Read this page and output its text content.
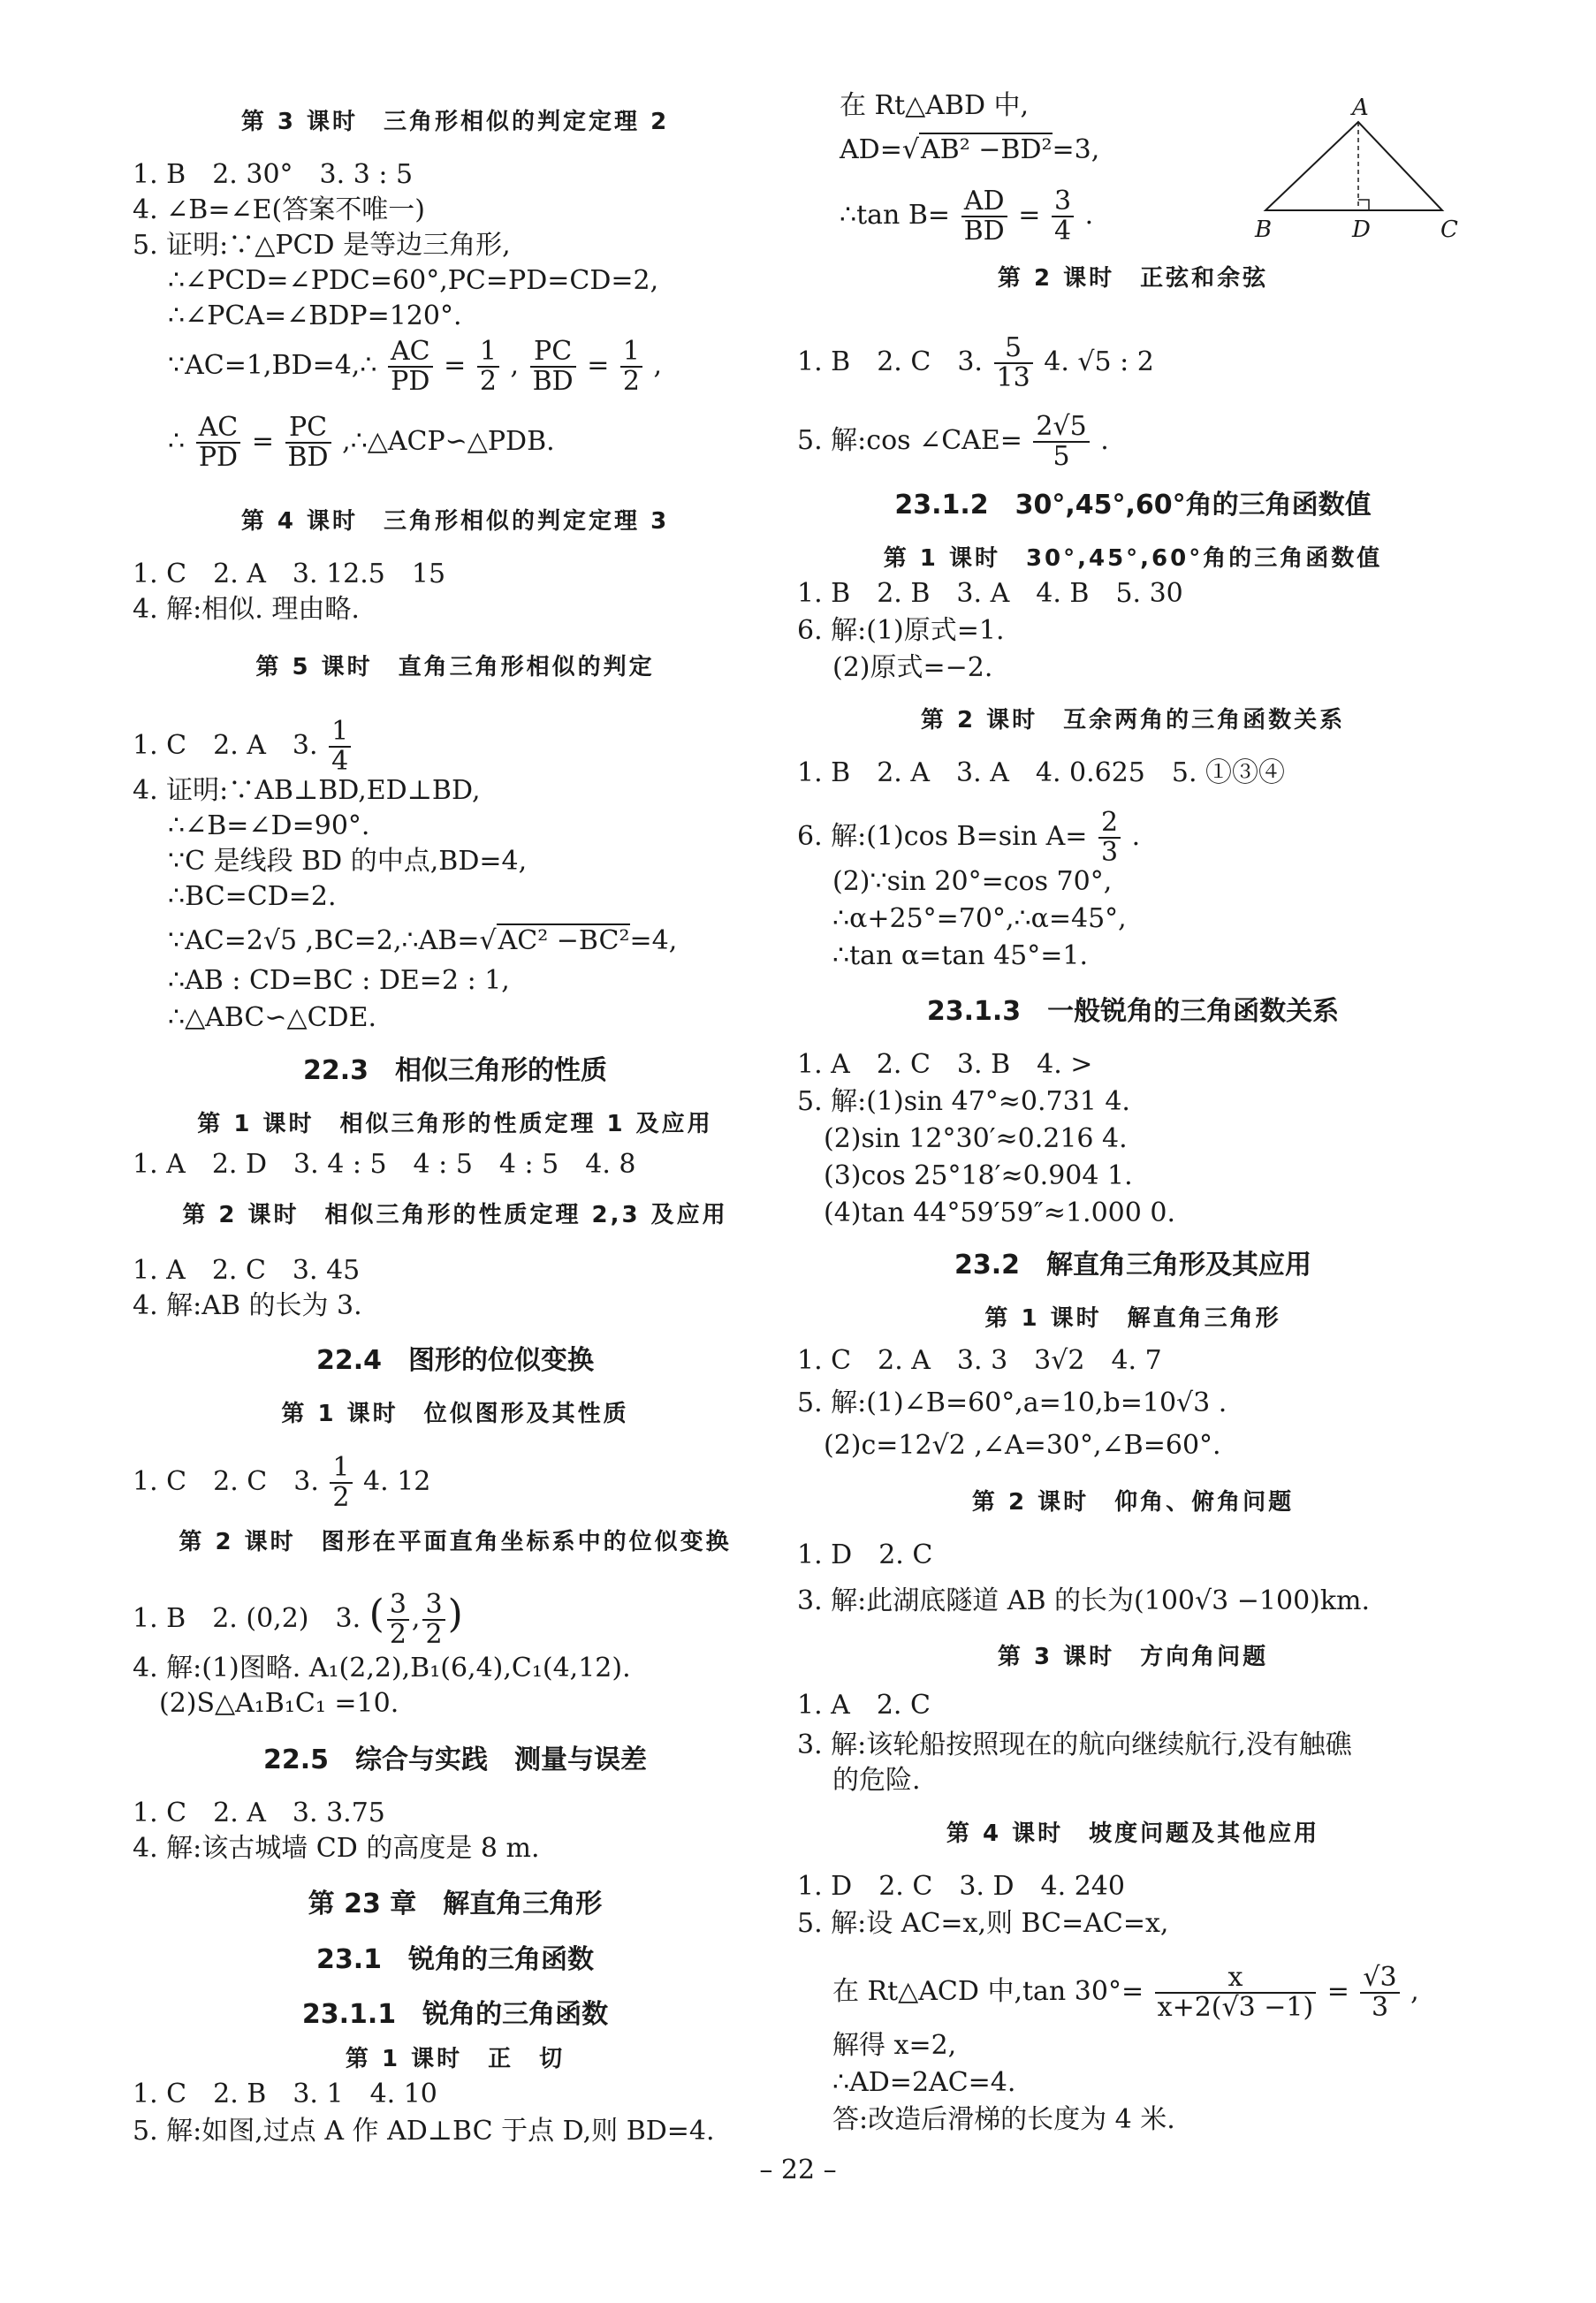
第 3 课时　三角形相似的判定定理 2
1. B　2. 30°　3. 3 : 5
4. ∠B=∠E(答案不唯一)
5. 证明:∵△PCD 是等边三角形,
∴∠PCD=∠PDC=60°,PC=PD=CD=2,
∴∠PCA=∠BDP=120°.
∵AC=1,BD=4,∴ $\frac{AC}{PD} = \frac{1}{2}$ , $\frac{PC}{BD} = \frac{1}{2}$ ,
∴ $\frac{AC}{PD} = \frac{PC}{BD}$ ,∴△ACP∽△PDB.
第 4 课时　三角形相似的判定定理 3
1. C　2. A　3. 12.5　15
4. 解:相似. 理由略.
第 5 课时　直角三角形相似的判定
1. C　2. A　3. $\frac{1}{4}$
4. 证明:∵AB⊥BD,ED⊥BD,
∴∠B=∠D=90°.
∵C 是线段 BD 的中点,BD=4,
∴BC=CD=2.
∵AC=2√5 ,BC=2,∴AB=√AC² −BC²=4,
∴AB : CD=BC : DE=2 : 1,
∴△ABC∽△CDE.
22.3　相似三角形的性质
第 1 课时　相似三角形的性质定理 1 及应用
1. A　2. D　3. 4 : 5　4 : 5　4 : 5　4. 8
第 2 课时　相似三角形的性质定理 2,3 及应用
1. A　2. C　3. 45
4. 解:AB 的长为 3.
22.4　图形的位似变换
第 1 课时　位似图形及其性质
1. C　2. C　3. $\frac{1}{2} 4$. 12
第 2 课时　图形在平面直角坐标系中的位似变换
1. B　2. (0,2)　3. ( $\frac{3}{2}$ , $\frac{3}{2}$ )
4. 解:(1)图略. A₁(2,2),B₁(6,4),C₁(4,12).
(2)S△A₁B₁C₁ =10.
22.5　综合与实践　测量与误差
1. C　2. A　3. 3.75
4. 解:该古城墙 CD 的高度是 8 m.
第 23 章　解直角三角形
23.1　锐角的三角函数
23.1.1　锐角的三角函数
第 1 课时　正　切
1. C　2. B　3. 1　4. 10
5. 解:如图,过点 A 作 AD⊥BC 于点 D,则 BD=4.
在 Rt△ABD 中,
AD=√AB² −BD²=3,
∴tan $B= \frac{AD}{BD} = \frac{3}{4}$ .
A
B	D	C
第 2 课时　正弦和余弦
1. B　2. C　3. $\frac{5}{13} 4$. √5 : 2
5. 解:cos ∠CAE= $\frac{2√5}{5}$ .
23.1.2　30°,45°,60°角的三角函数值
第 1 课时　30°,45°,60°角的三角函数值
1. B　2. B　3. A　4. B　5. 30
6. 解:(1)原式=1.
(2)原式=−2.
第 2 课时　互余两角的三角函数关系
1. B　2. A　3. A　4. 0.625　5. ①③④
6. 解:(1)cos B=sin $A= \frac{2}{3}$ .
(2)∵sin 20°=cos 70°,
∴α+25°=70°,∴α=45°,
∴tan α=tan 45°=1.
23.1.3　一般锐角的三角函数关系
1. A　2. C　3. B　4. >
5. 解:(1)sin 47°≈0.731 4.
(2)sin 12°30′≈0.216 4.
(3)cos 25°18′≈0.904 1.
(4)tan 44°59′59″≈1.000 0.
23.2　解直角三角形及其应用
第 1 课时　解直角三角形
1. C　2. A　3. 3　3√2　4. 7
5. 解:(1)∠B=60°,a=10,b=10√3 .
(2)c=12√2 ,∠A=30°,∠B=60°.
第 2 课时　仰角、俯角问题
1. D　2. C
3. 解:此湖底隧道 AB 的长为(100√3 −100)km.
第 3 课时　方向角问题
1. A　2. C
3. 解:该轮船按照现在的航向继续航行,没有触礁
的危险.
第 4 课时　坡度问题及其他应用
1. D　2. C　3. D　4. 240
5. 解:设 AC=x,则 BC=AC=x,
在 Rt△ACD 中,tan $30^\circ= \frac{x}{x+2(√3 -1)} = \frac{√3}{3}$ ,
解得 x=2,
∴AD=2AC=4.
答:改造后滑梯的长度为 4 米.
– 22 –
